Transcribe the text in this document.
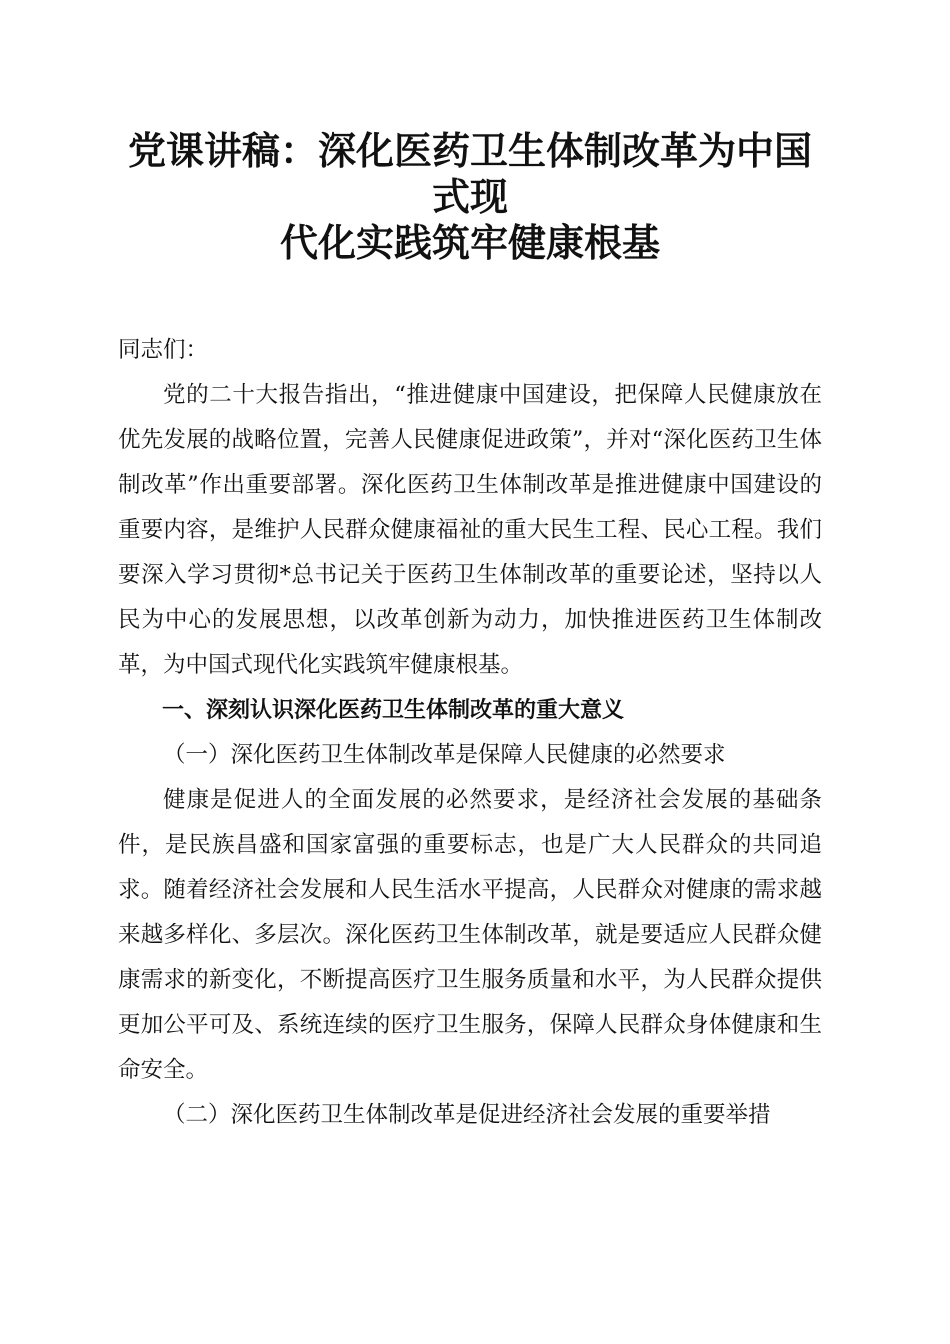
党课讲稿：深化医药卫生体制改革为中国式现
代化实践筑牢健康根基

同志们：

党的二十大报告指出，“推进健康中国建设，把保障人民健康放在优先发展的战略位置，完善人民健康促进政策”，并对“深化医药卫生体制改革”作出重要部署。深化医药卫生体制改革是推进健康中国建设的重要内容，是维护人民群众健康福祉的重大民生工程、民心工程。我们要深入学习贯彻*总书记关于医药卫生体制改革的重要论述，坚持以人民为中心的发展思想，以改革创新为动力，加快推进医药卫生体制改革，为中国式现代化实践筑牢健康根基。

一、深刻认识深化医药卫生体制改革的重大意义

（一）深化医药卫生体制改革是保障人民健康的必然要求

健康是促进人的全面发展的必然要求，是经济社会发展的基础条件，是民族昌盛和国家富强的重要标志，也是广大人民群众的共同追求。随着经济社会发展和人民生活水平提高，人民群众对健康的需求越来越多样化、多层次。深化医药卫生体制改革，就是要适应人民群众健康需求的新变化，不断提高医疗卫生服务质量和水平，为人民群众提供更加公平可及、系统连续的医疗卫生服务，保障人民群众身体健康和生命安全。

（二）深化医药卫生体制改革是促进经济社会发展的重要举措
